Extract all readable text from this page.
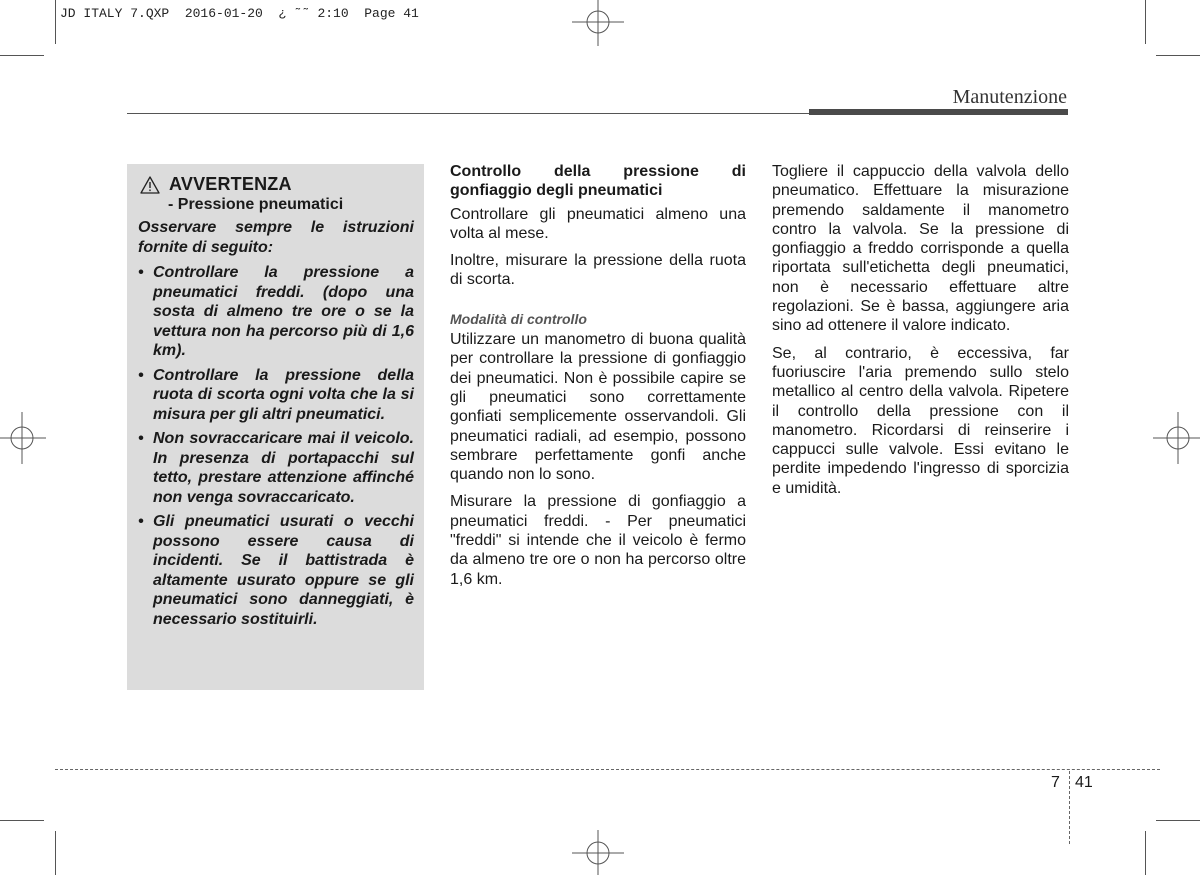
JD ITALY 7.QXP  2016-01-20  ¿ ˜˜ 2:10  Page 41
Manutenzione
AVVERTENZA
- Pressione pneumatici
Osservare sempre le istruzioni fornite di seguito:
• Controllare la pressione a pneumatici freddi. (dopo una sosta di almeno tre ore o se la vettura non ha percorso più di 1,6 km).
• Controllare la pressione della ruota di scorta ogni volta che la si misura per gli altri pneumatici.
• Non sovraccaricare mai il veicolo. In presenza di portapacchi sul tetto, prestare attenzione affinché non venga sovraccaricato.
• Gli pneumatici usurati o vecchi possono essere causa di incidenti. Se il battistrada è altamente usurato oppure se gli pneumatici sono danneggiati, è necessario sostituirli.

Controllo della pressione di gonfiaggio degli pneumatici

Controllare gli pneumatici almeno una volta al mese.

Inoltre, misurare la pressione della ruota di scorta.

Modalità di controllo

Utilizzare un manometro di buona qualità per controllare la pressione di gonfiaggio dei pneumatici. Non è possibile capire se gli pneumatici sono correttamente gonfiati semplicemente osservandoli. Gli pneumatici radiali, ad esempio, possono sembrare perfettamente gonfi anche quando non lo sono.

Misurare la pressione di gonfiaggio a pneumatici freddi. - Per pneumatici "freddi" si intende che il veicolo è fermo da almeno tre ore o non ha percorso oltre 1,6 km.

Togliere il cappuccio della valvola dello pneumatico. Effettuare la misurazione premendo saldamente il manometro contro la valvola. Se la pressione di gonfiaggio a freddo corrisponde a quella riportata sull'etichetta degli pneumatici, non è necessario effettuare altre regolazioni. Se è bassa, aggiungere aria sino ad ottenere il valore indicato.

Se, al contrario, è eccessiva, far fuoriuscire l'aria premendo sullo stelo metallico al centro della valvola. Ripetere il controllo della pressione con il manometro. Ricordarsi di reinserire i cappucci sulle valvole. Essi evitano le perdite impedendo l'ingresso di sporcizia e umidità.

7 41
